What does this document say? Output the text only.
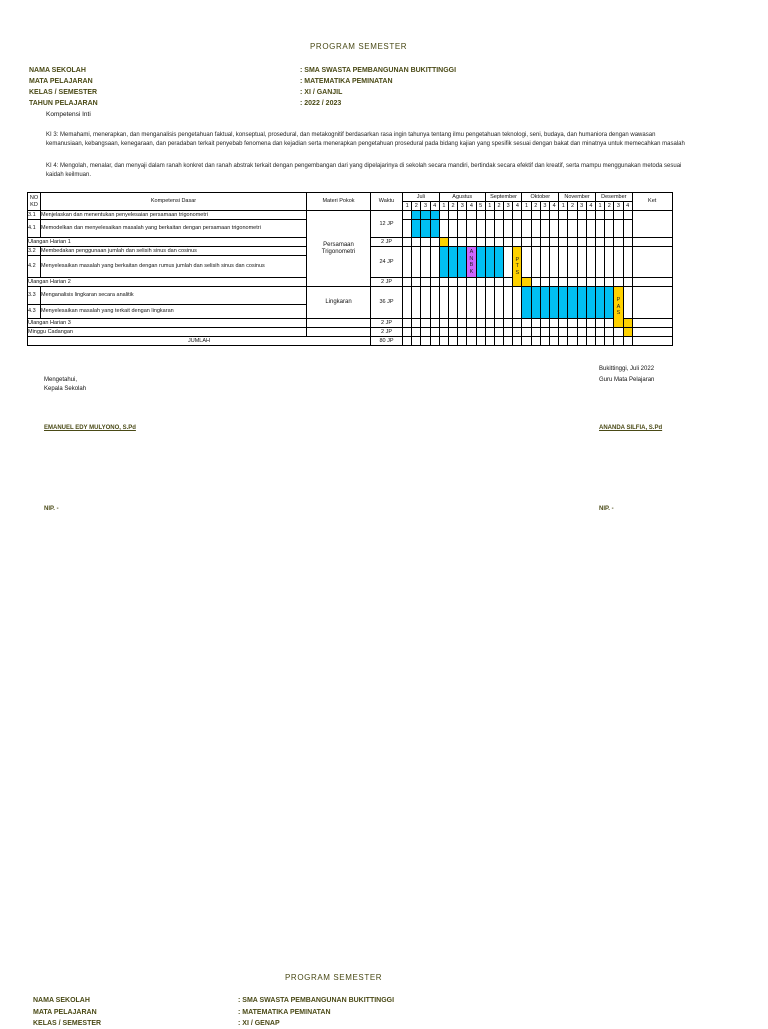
PROGRAM SEMESTER
NAMA SEKOLAH	: SMA SWASTA PEMBANGUNAN BUKITTINGGI
MATA PELAJARAN	: MATEMATIKA PEMINATAN
KELAS / SEMESTER	: XI / GANJIL
TAHUN PELAJARAN	: 2022 / 2023
Kompetensi Inti
KI 3: Memahami, menerapkan, dan menganalisis pengetahuan faktual, konseptual, prosedural, dan metakognitif berdasarkan rasa ingin tahunya tentang ilmu pengetahuan teknologi, seni, budaya, dan humaniora dengan wawasan kemanusiaan, kebangsaan, kenegaraan, dan peradaban terkait penyebab fenomena dan kejadian serta menerapkan pengetahuan prosedural pada bidang kajian yang spesifik sesuai dengan bakat dan minatnya untuk memecahkan masalah
KI 4: Mengolah, menalar, dan menyaji dalam ranah konkret dan ranah abstrak terkait dengan pengembangan dari yang dipelajarinya di sekolah secara mandiri, bertindak secara efektif dan kreatif, serta mampu menggunakan metoda sesuai kaidah keilmuan.
NO KD	Kompetensi Dasar	Materi Pokok	Waktu	Juli				Agustus					September				Oktober				November				Desember				Ket
				1	2	3	4	1	2	3	4	5	1	2	3	4	1	2	3	4	1	2	3	4	1	2	3	4	
3.1	Menjelaskan dan menentukan penyelesaian persamaan trigonometri	Persamaan Trigonometri	12 JP																										
4.1	Memodelkan dan menyelesaikan masalah yang berkaitan dengan persamaan trigonometri																												
Ulangan Harian 1			2 JP																										
3.2	Membedakan penggunaan jumlah dan selisih sinus dan cosinus		24 JP								A N B K					P T S													
4.2	Menyelesaikan masalah yang berkaitan dengan rumus jumlah dan selisih sinus dan cosinus																												
Ulangan Harian 2			2 JP																										
3.3	Menganalisis lingkaran secara analitik	Lingkaran	36 JP																								P A S		
4.3	Menyelesaikan masalah yang terkait dengan lingkaran																												
Ulangan Harian 3			2 JP																										
Minggu Cadangan			2 JP																										
JUMLAH			80 JP																										
Bukittinggi, Juli 2022
Guru Mata Pelajaran
Mengetahui,
Kepala Sekolah
EMANUEL EDY MULYONO, S.Pd	ANANDA SILFIA, S.Pd
NIP. -	NIP. -
PROGRAM SEMESTER
NAMA SEKOLAH	: SMA SWASTA PEMBANGUNAN BUKITTINGGI
MATA PELAJARAN	: MATEMATIKA PEMINATAN
KELAS / SEMESTER	: XI / GENAP
